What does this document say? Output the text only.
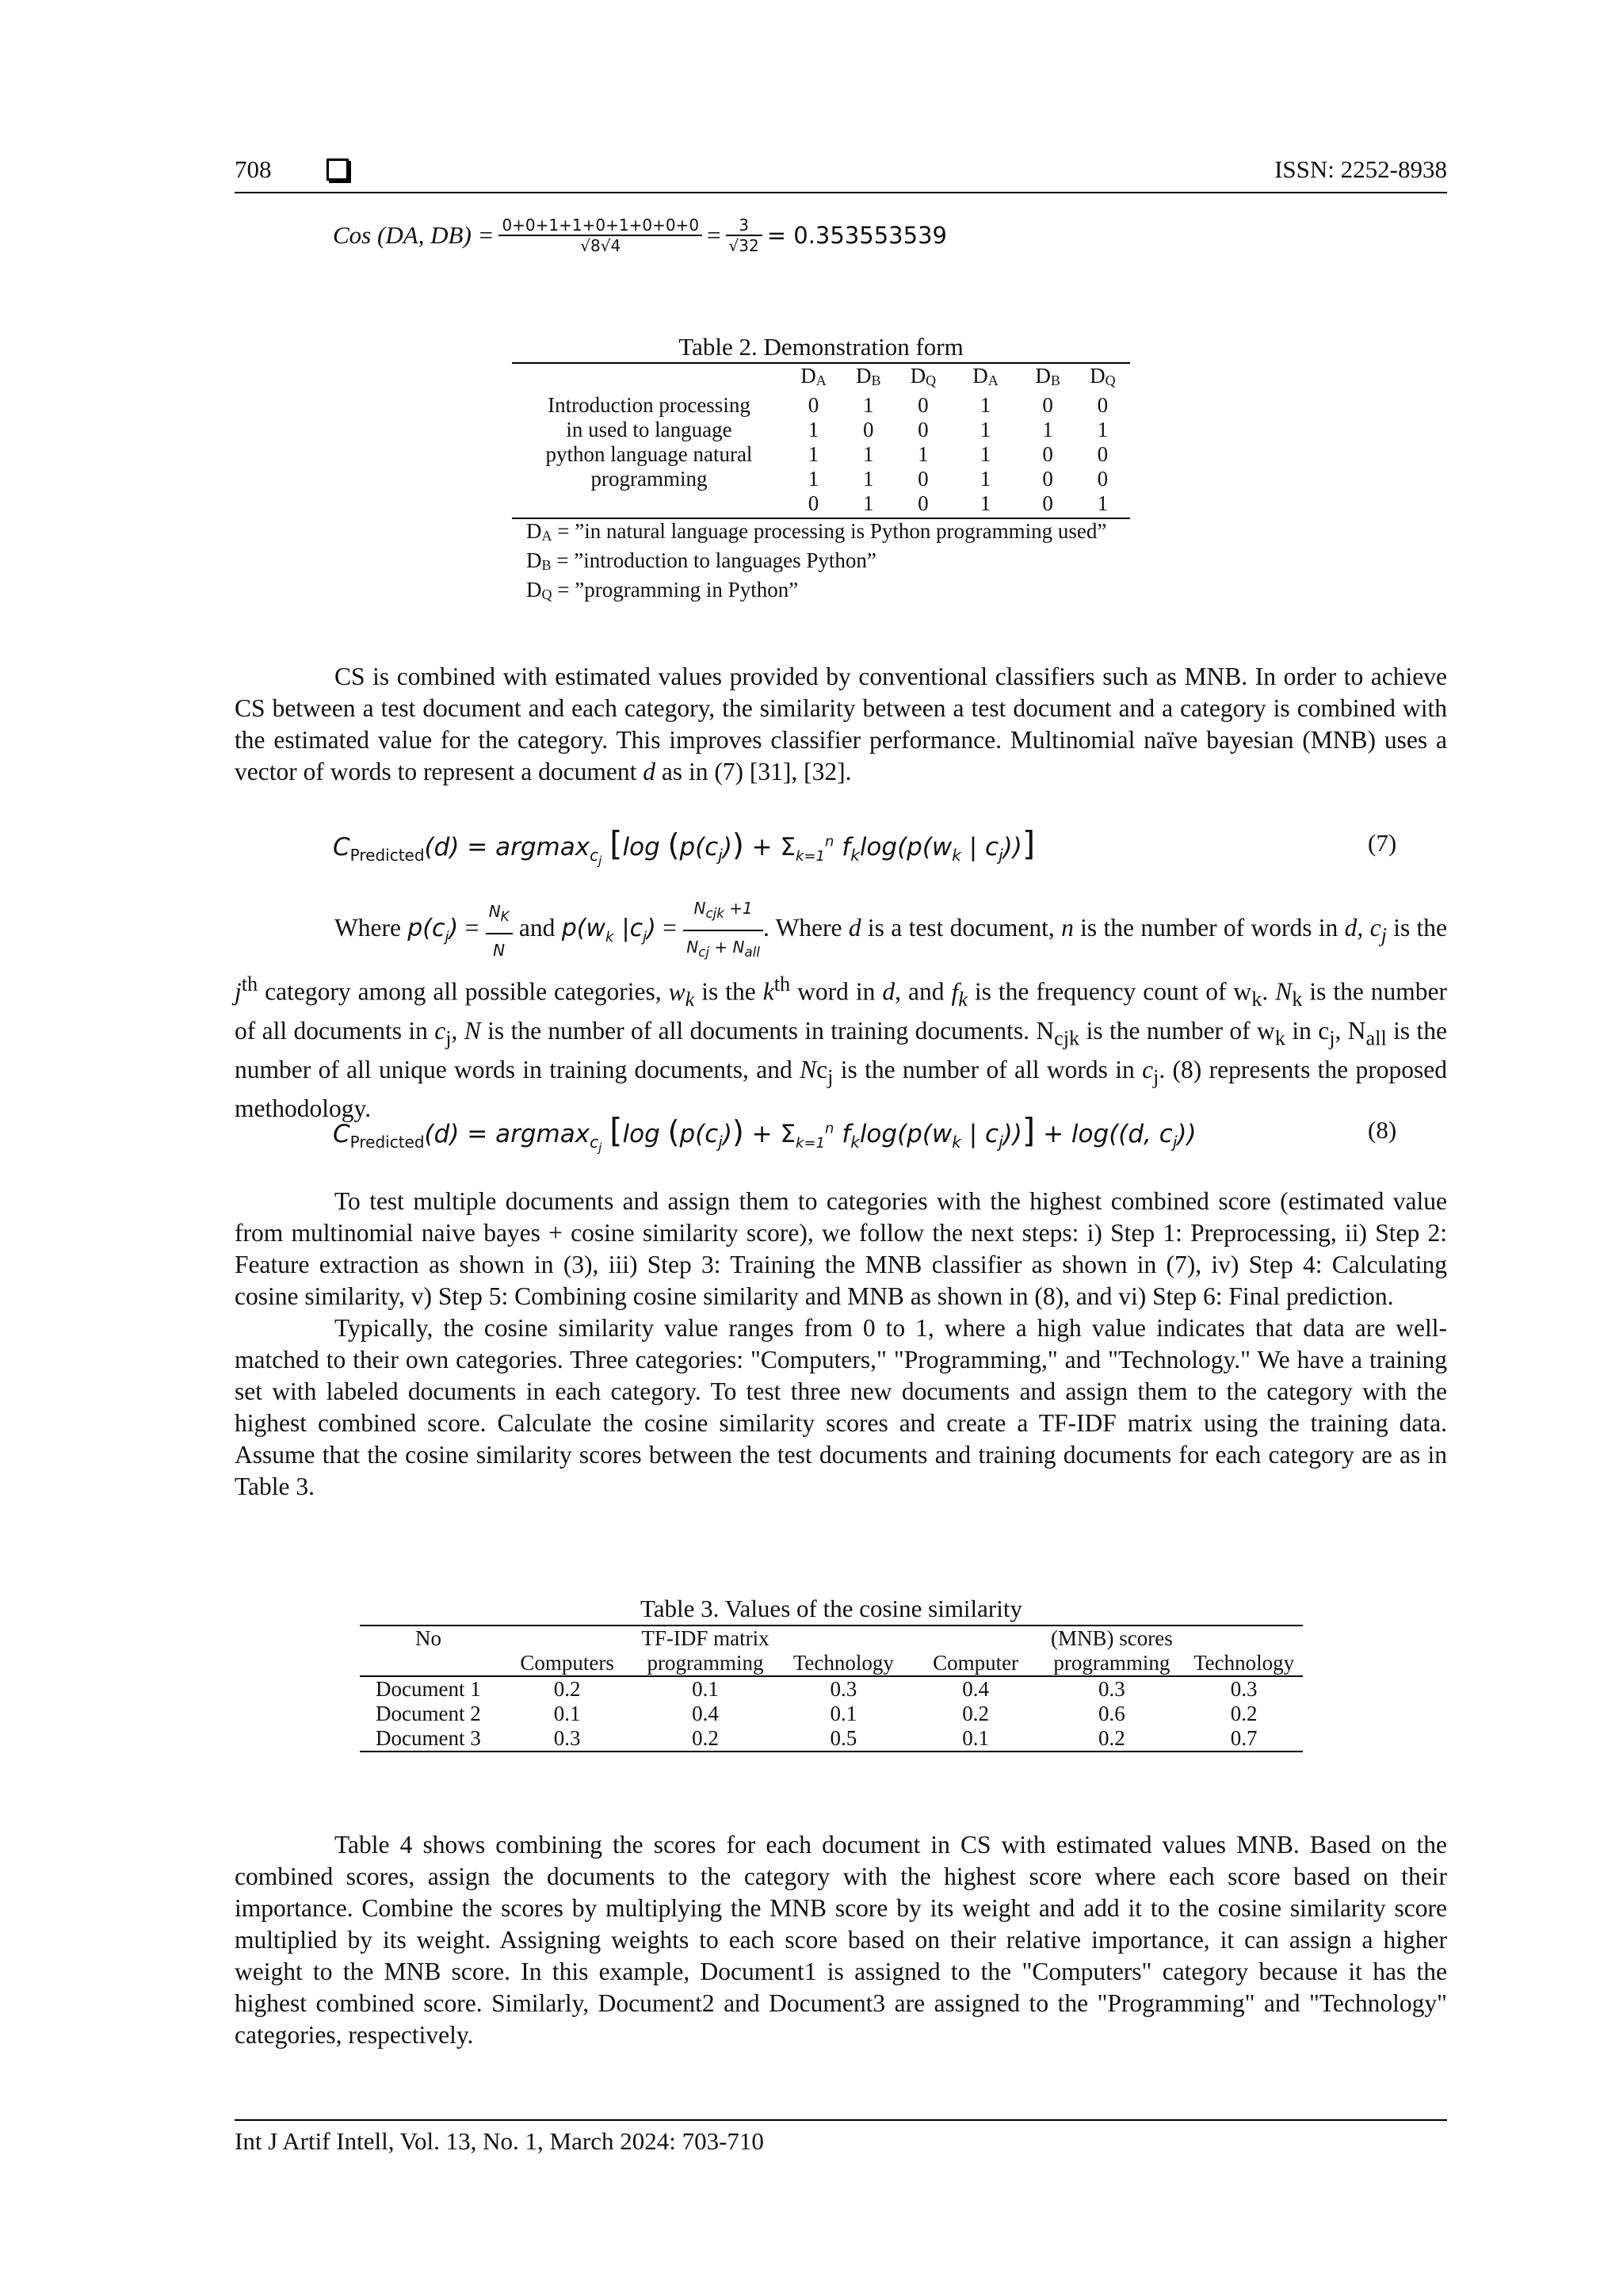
708	ISSN: 2252-8938
Cos (DA, $DB) = \frac{0+0+1+1+0+1+0+0+0}{√8√4} = \frac{3}{√32} = 0.353553539$
Table 2. Demonstration form
	$D_A$	$D_B$	$D_Q$	$D_A$	$D_B$	$D_Q$
Introduction processing	0	1	0	1	0	0
in used to language	1	0	0	1	1	1
python language natural	1	1	1	1	0	0
programming	1	1	0	1	0	0
	0	1	0	1	0	1
$D_A$ = ”in natural language processing is Python programming used”
$D_B$ = ”introduction to languages Python”
$D_Q$ = ”programming in Python”

CS is combined with estimated values provided by conventional classifiers such as MNB. In order to achieve CS between a test document and each category, the similarity between a test document and a category is combined with the estimated value for the category. This improves classifier performance. Multinomial naïve bayesian (MNB) uses a vector of words to represent a document d as in (7) [31], [32].

$C_{Predicted}(d) = argmax_{c_j}$ [log $(p(c_j)) + \Sigma_{k=1}^n$ $f_k\log(p(w_k$ | $c_j$))]	(7)

Where $p(c_j) = \frac{N_K}{N}$ and $p(w_k$ $|c_j) = \frac{N_{cjk} +1}{N_{cj} + N_{all}}$ . Where d is a test document, n is the number of words in d, $c_j$ is the $j^{th}$ category among all possible categories, $w_k$ is the $k^{th}$ word in d, and $f_k$ is the frequency count of $w_k$. $N_k$ is the number of all documents in $c_j$, N is the number of all documents in training documents. $N_{cjk}$ is the number of $w_k$ in $c_j$, $N_{all}$ is the number of all unique words in training documents, and $Nc_j$ is the number of all words in $c_j$. (8) represents the proposed methodology.

$C_{Predicted}(d) = argmax_{c_j}$ [log $(p(c_j)) + \Sigma_{k=1}^n$ $f_k\log(p(w_k$ | $c_j))] + \log((d$, $c_j$))	(8)

To test multiple documents and assign them to categories with the highest combined score (estimated value from multinomial naive bayes + cosine similarity score), we follow the next steps: i) Step 1: Preprocessing, ii) Step 2: Feature extraction as shown in (3), iii) Step 3: Training the MNB classifier as shown in (7), iv) Step 4: Calculating cosine similarity, v) Step 5: Combining cosine similarity and MNB as shown in (8), and vi) Step 6: Final prediction.

Typically, the cosine similarity value ranges from 0 to 1, where a high value indicates that data are well-matched to their own categories. Three categories: "Computers," "Programming," and "Technology." We have a training set with labeled documents in each category. To test three new documents and assign them to the category with the highest combined score. Calculate the cosine similarity scores and create a TF-IDF matrix using the training data. Assume that the cosine similarity scores between the test documents and training documents for each category are as in Table 3.

Table 3. Values of the cosine similarity
No		TF-IDF matrix			(MNB) scores	
	Computers	programming	Technology	Computer	programming	Technology
Document 1	0.2	0.1	0.3	0.4	0.3	0.3
Document 2	0.1	0.4	0.1	0.2	0.6	0.2
Document 3	0.3	0.2	0.5	0.1	0.2	0.7

Table 4 shows combining the scores for each document in CS with estimated values MNB. Based on the combined scores, assign the documents to the category with the highest score where each score based on their importance. Combine the scores by multiplying the MNB score by its weight and add it to the cosine similarity score multiplied by its weight. Assigning weights to each score based on their relative importance, it can assign a higher weight to the MNB score. In this example, Document1 is assigned to the "Computers" category because it has the highest combined score. Similarly, Document2 and Document3 are assigned to the "Programming" and "Technology" categories, respectively.

Int J Artif Intell, Vol. 13, No. 1, March 2024: 703-710
